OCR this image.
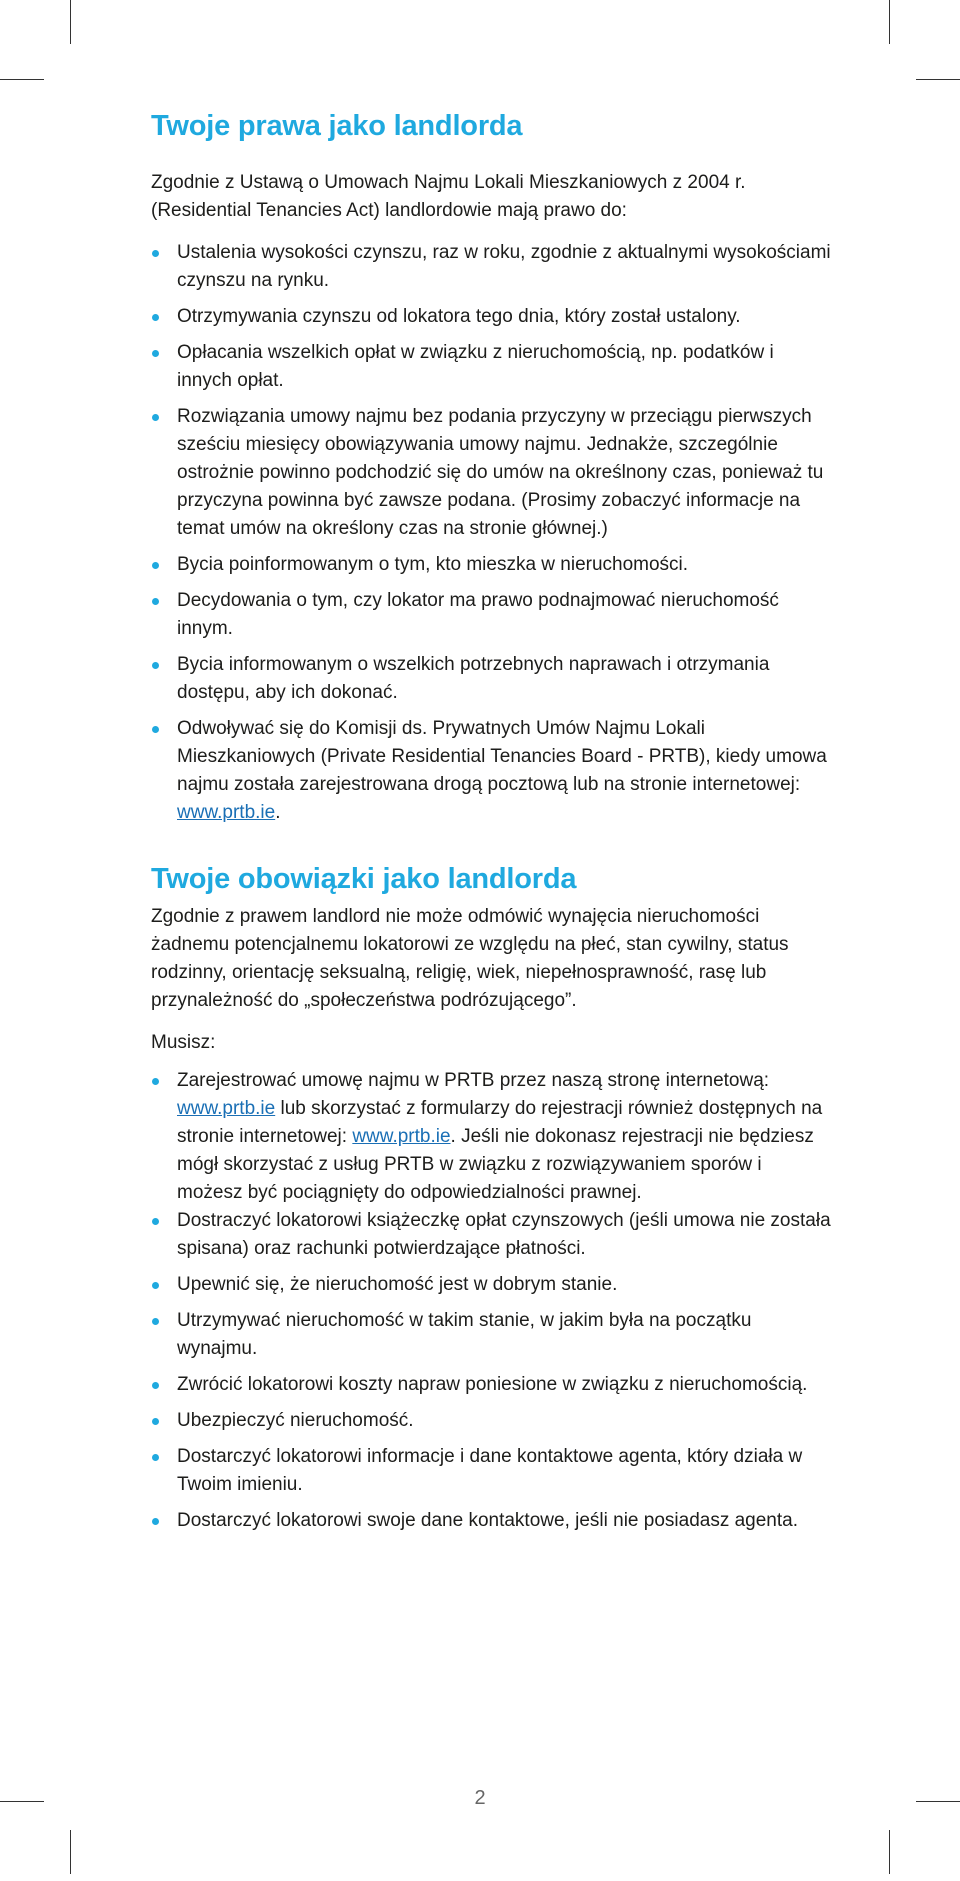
Twoje prawa jako landlorda

Zgodnie z Ustawą o Umowach Najmu Lokali Mieszkaniowych z 2004 r. (Residential Tenancies Act) landlordowie mają prawo do:

Ustalenia wysokości czynszu, raz w roku, zgodnie z aktualnymi wysokościami czynszu na rynku.
Otrzymywania czynszu od lokatora tego dnia, który został ustalony.
Opłacania wszelkich opłat w związku z nieruchomością, np. podatków i innych opłat.
Rozwiązania umowy najmu bez podania przyczyny w przeciągu pierwszych sześciu miesięcy obowiązywania umowy najmu. Jednakże, szczególnie ostrożnie powinno podchodzić się do umów na określnony czas, ponieważ tu przyczyna powinna być zawsze podana. (Prosimy zobaczyć informacje na temat umów na określony czas na stronie głównej.)
Bycia poinformowanym o tym, kto mieszka w nieruchomości.
Decydowania o tym, czy lokator ma prawo podnajmować nieruchomość innym.
Bycia informowanym o wszelkich potrzebnych naprawach i otrzymania dostępu, aby ich dokonać.
Odwoływać się do Komisji ds. Prywatnych Umów Najmu Lokali Mieszkaniowych (Private Residential Tenancies Board - PRTB), kiedy umowa najmu została zarejestrowana drogą pocztową lub na stronie internetowej: www.prtb.ie.
Twoje obowiązki jako landlorda

Zgodnie z prawem landlord nie może odmówić wynajęcia nieruchomości żadnemu potencjalnemu lokatorowi ze względu na płeć, stan cywilny, status rodzinny, orientację seksualną, religię, wiek, niepełnosprawność, rasę lub przynależność do „społeczeństwa podrózującego”.

Musisz:

Zarejestrować umowę najmu w PRTB przez naszą stronę internetową: www.prtb.ie lub skorzystać z formularzy do rejestracji również dostępnych na stronie internetowej: www.prtb.ie. Jeśli nie dokonasz rejestracji nie będziesz mógł skorzystać z usług PRTB w związku z rozwiązywaniem sporów i możesz być pociągnięty do odpowiedzialności prawnej.
Dostraczyć lokatorowi książeczkę opłat czynszowych (jeśli umowa nie została spisana) oraz rachunki potwierdzające płatności.
Upewnić się, że nieruchomość jest w dobrym stanie.
Utrzymywać nieruchomość w takim stanie, w jakim była na początku wynajmu.
Zwrócić lokatorowi koszty napraw poniesione w związku z nieruchomością.
Ubezpieczyć nieruchomość.
Dostarczyć lokatorowi informacje i dane kontaktowe agenta, który działa w Twoim imieniu.
Dostarczyć lokatorowi swoje dane kontaktowe, jeśli nie posiadasz agenta.
2
